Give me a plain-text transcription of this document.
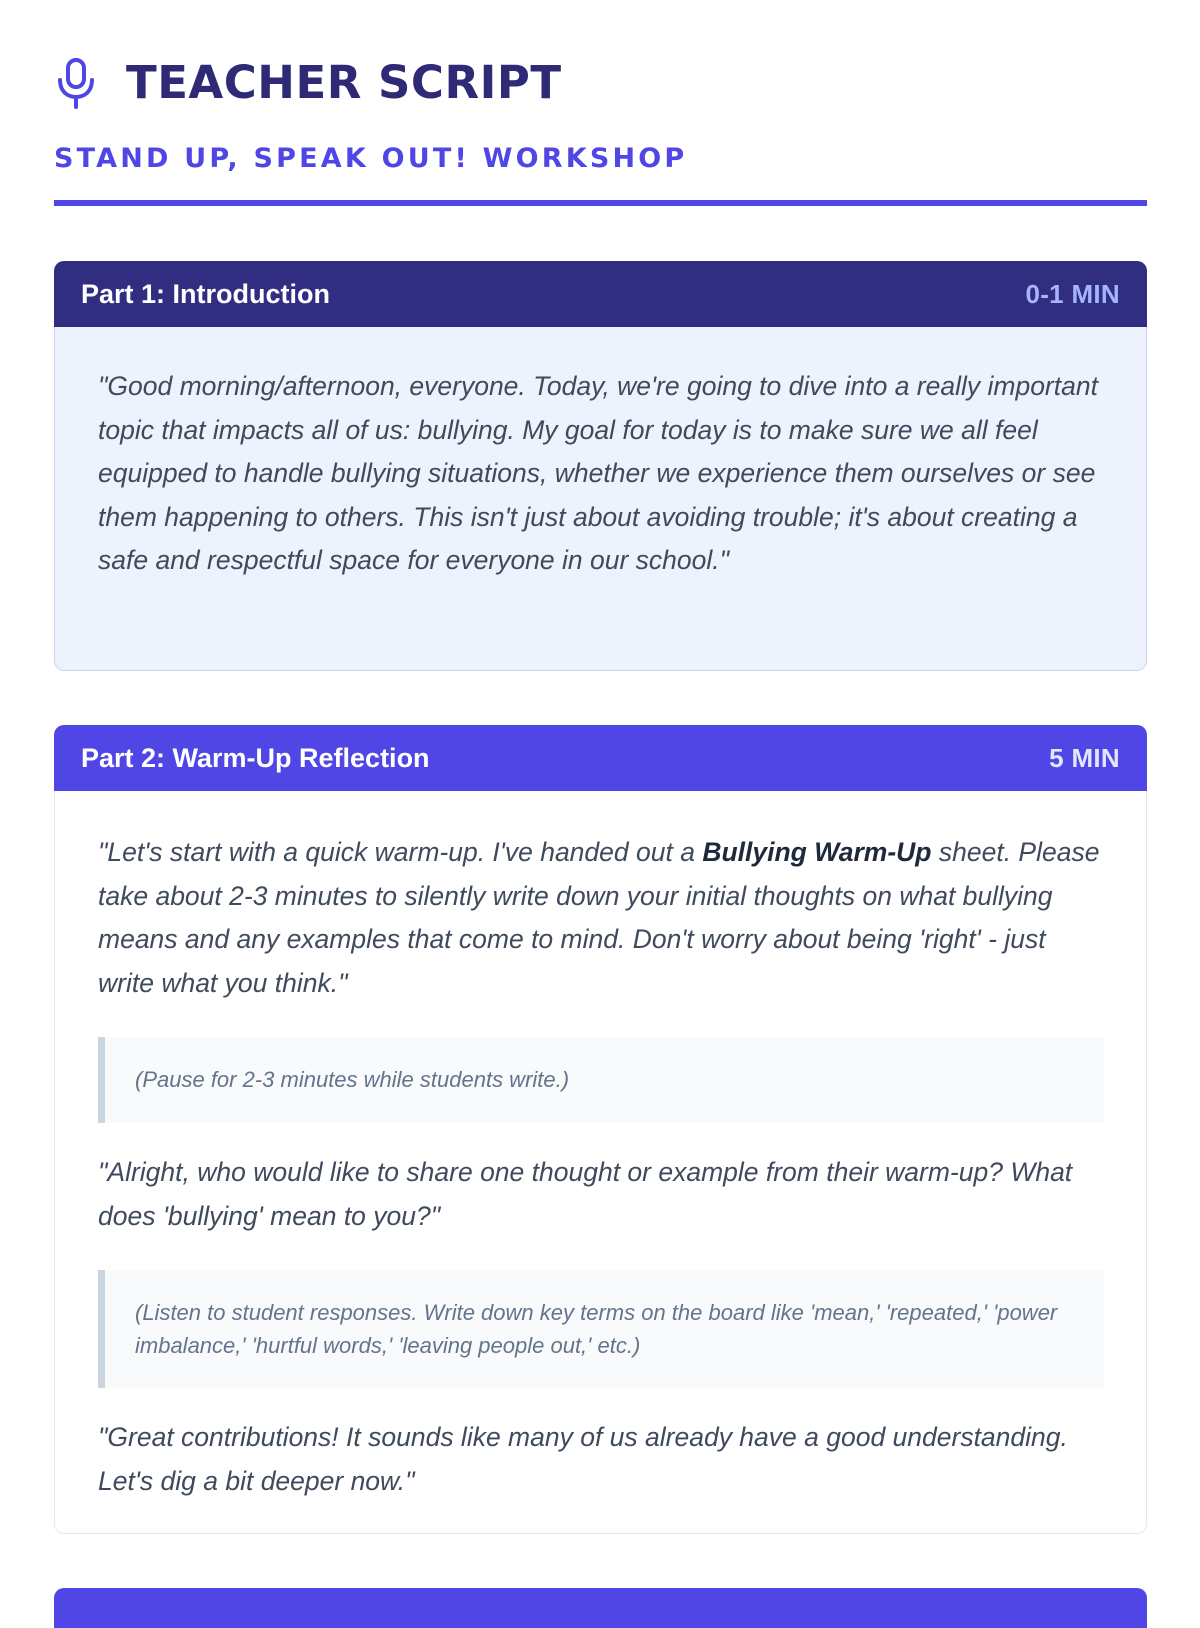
TEACHER SCRIPT
STAND UP, SPEAK OUT! WORKSHOP
Part 1: Introduction	0-1 MIN

"Good morning/afternoon, everyone. Today, we're going to dive into a really important topic that impacts all of us: bullying. My goal for today is to make sure we all feel equipped to handle bullying situations, whether we experience them ourselves or see them happening to others. This isn't just about avoiding trouble; it's about creating a safe and respectful space for everyone in our school."

Part 2: Warm-Up Reflection	5 MIN

"Let's start with a quick warm-up. I've handed out a Bullying Warm-Up sheet. Please take about 2-3 minutes to silently write down your initial thoughts on what bullying means and any examples that come to mind. Don't worry about being 'right' - just write what you think."

(Pause for 2-3 minutes while students write.)

"Alright, who would like to share one thought or example from their warm-up? What does 'bullying' mean to you?"

(Listen to student responses. Write down key terms on the board like 'mean,' 'repeated,' 'power imbalance,' 'hurtful words,' 'leaving people out,' etc.)

"Great contributions! It sounds like many of us already have a good understanding. Let's dig a bit deeper now."
